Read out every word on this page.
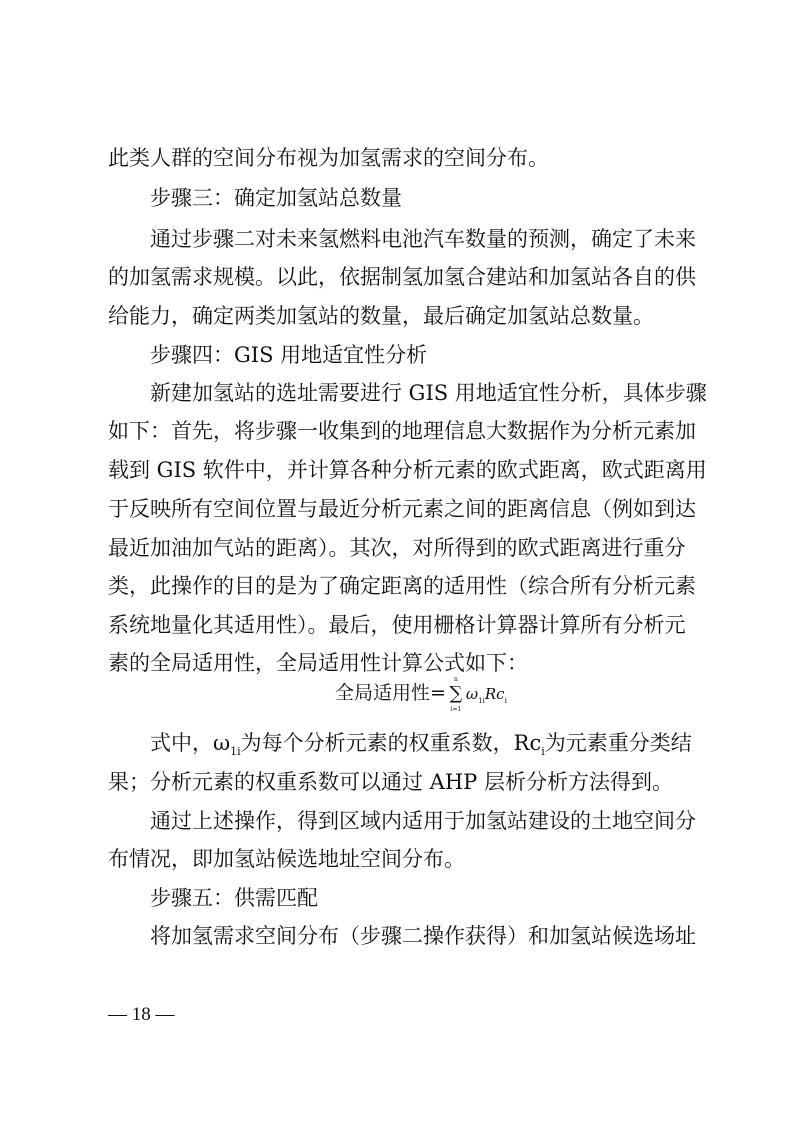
此类人群的空间分布视为加氢需求的空间分布。
步骤三：确定加氢站总数量
通过步骤二对未来氢燃料电池汽车数量的预测，确定了未来
的加氢需求规模。以此，依据制氢加氢合建站和加氢站各自的供
给能力，确定两类加氢站的数量，最后确定加氢站总数量。
步骤四：GIS 用地适宜性分析
新建加氢站的选址需要进行 GIS 用地适宜性分析，具体步骤
如下：首先，将步骤一收集到的地理信息大数据作为分析元素加
载到 GIS 软件中，并计算各种分析元素的欧式距离，欧式距离用
于反映所有空间位置与最近分析元素之间的距离信息（例如到达
最近加油加气站的距离）。其次，对所得到的欧式距离进行重分
类，此操作的目的是为了确定距离的适用性（综合所有分析元素
系统地量化其适用性）。最后，使用栅格计算器计算所有分析元
素的全局适用性，全局适用性计算公式如下：
全局适用性=
n
∑
i=1
$\omega_{1i}Rc_i$
式中，$\omega_{1i}$为每个分析元素的权重系数，$Rc_i$为元素重分类结
果；分析元素的权重系数可以通过 AHP 层析分析方法得到。
通过上述操作，得到区域内适用于加氢站建设的土地空间分
布情况，即加氢站候选地址空间分布。
步骤五：供需匹配
将加氢需求空间分布（步骤二操作获得）和加氢站候选场址
— 18 —
